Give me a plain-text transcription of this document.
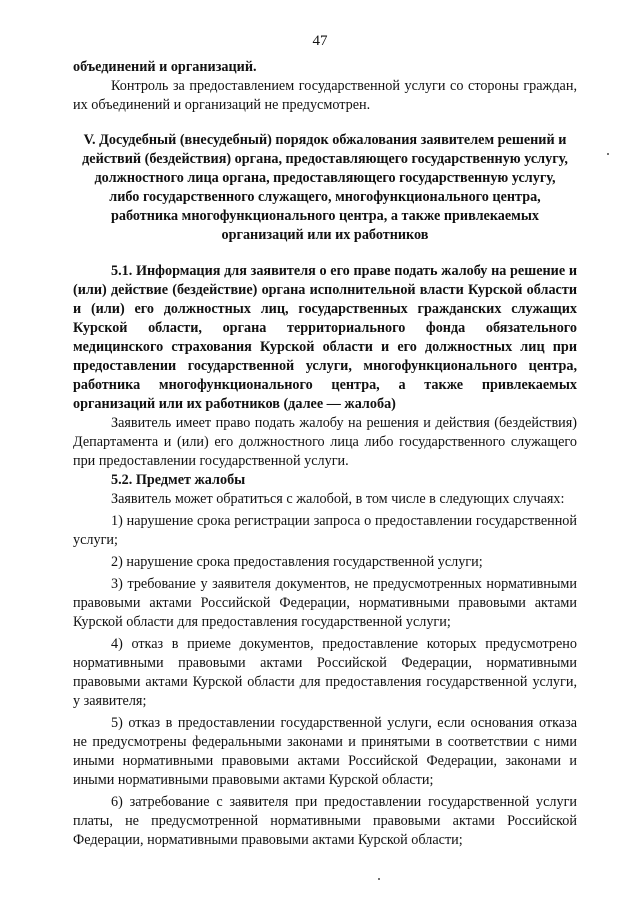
47

объединений и организаций.

Контроль за предоставлением государственной услуги со стороны граждан, их объединений и организаций не предусмотрен.

V. Досудебный (внесудебный) порядок обжалования заявителем решений и действий (бездействия) органа, предоставляющего государственную услугу, должностного лица органа, предоставляющего государственную услугу, либо государственного служащего, многофункционального центра, работника многофункционального центра, а также привлекаемых организаций или их работников

5.1. Информация для заявителя о его праве подать жалобу на решение и (или) действие (бездействие) органа исполнительной власти Курской области и (или) его должностных лиц, государственных гражданских служащих Курской области, органа территориального фонда обязательного медицинского страхования Курской области и его должностных лиц при предоставлении государственной услуги, многофункционального центра, работника многофункционального центра, а также привлекаемых организаций или их работников (далее — жалоба)

Заявитель имеет право подать жалобу на решения и действия (бездействия) Департамента и (или) его должностного лица либо государственного служащего при предоставлении государственной услуги.

5.2. Предмет жалобы

Заявитель может обратиться с жалобой, в том числе в следующих случаях:

1) нарушение срока регистрации запроса о предоставлении государственной услуги;

2) нарушение срока предоставления государственной услуги;

3) требование у заявителя документов, не предусмотренных нормативными правовыми актами Российской Федерации, нормативными правовыми актами Курской области для предоставления государственной услуги;

4) отказ в приеме документов, предоставление которых предусмотрено нормативными правовыми актами Российской Федерации, нормативными правовыми актами Курской области для предоставления государственной услуги, у заявителя;

5) отказ в предоставлении государственной услуги, если основания отказа не предусмотрены федеральными законами и принятыми в соответствии с ними иными нормативными правовыми актами Российской Федерации, законами и иными нормативными правовыми актами Курской области;

6) затребование с заявителя при предоставлении государственной услуги платы, не предусмотренной нормативными правовыми актами Российской Федерации, нормативными правовыми актами Курской области;
